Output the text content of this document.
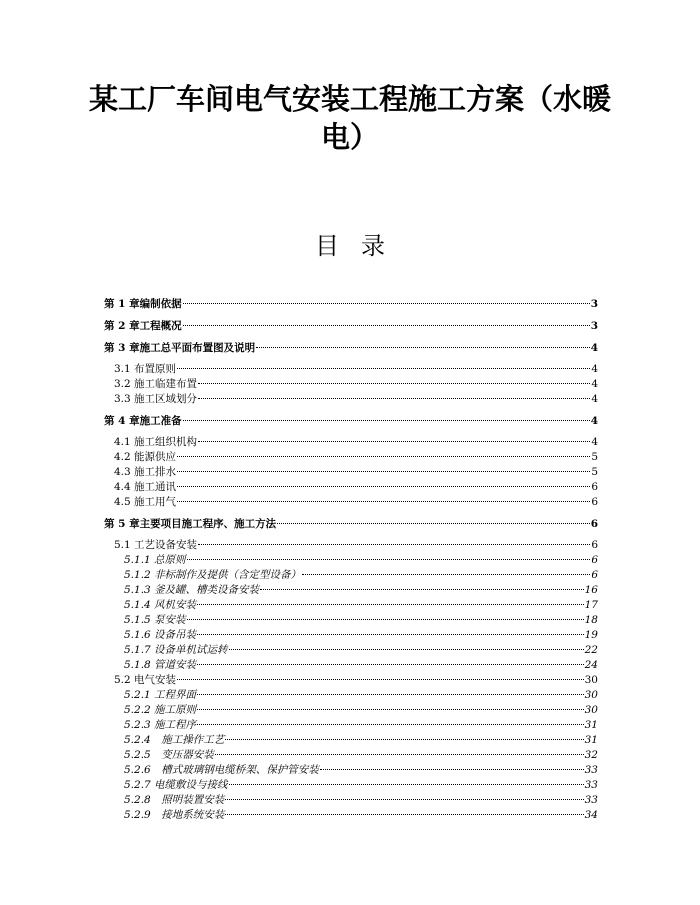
某工厂车间电气安装工程施工方案（水暖
电）
目录
第 1 章编制依据	3
第 2 章工程概况	3
第 3 章施工总平面布置图及说明	4
3.1 布置原则	4
3.2 施工临建布置	4
3.3 施工区域划分	4
第 4 章施工准备	4
4.1 施工组织机构	4
4.2 能源供应	5
4.3 施工排水	5
4.4 施工通讯	6
4.5 施工用气	6
第 5 章主要项目施工程序、施工方法	6
5.1 工艺设备安装	6
5.1.1 总原则	6
5.1.2 非标制作及提供（含定型设备）	6
5.1.3 釜及罐、槽类设备安装	16
5.1.4 风机安装	17
5.1.5 泵安装	18
5.1.6 设备吊装	19
5.1.7 设备单机试运转	22
5.1.8 管道安装	24
5.2 电气安装	30
5.2.1 工程界面	30
5.2.2 施工原则	30
5.2.3 施工程序	31
5.2.4　施工操作工艺	31
5.2.5　变压器安装	32
5.2.6　槽式玻璃钢电缆桥架、保护管安装	33
5.2.7 电缆敷设与接线	33
5.2.8　照明装置安装	33
5.2.9　接地系统安装	34
